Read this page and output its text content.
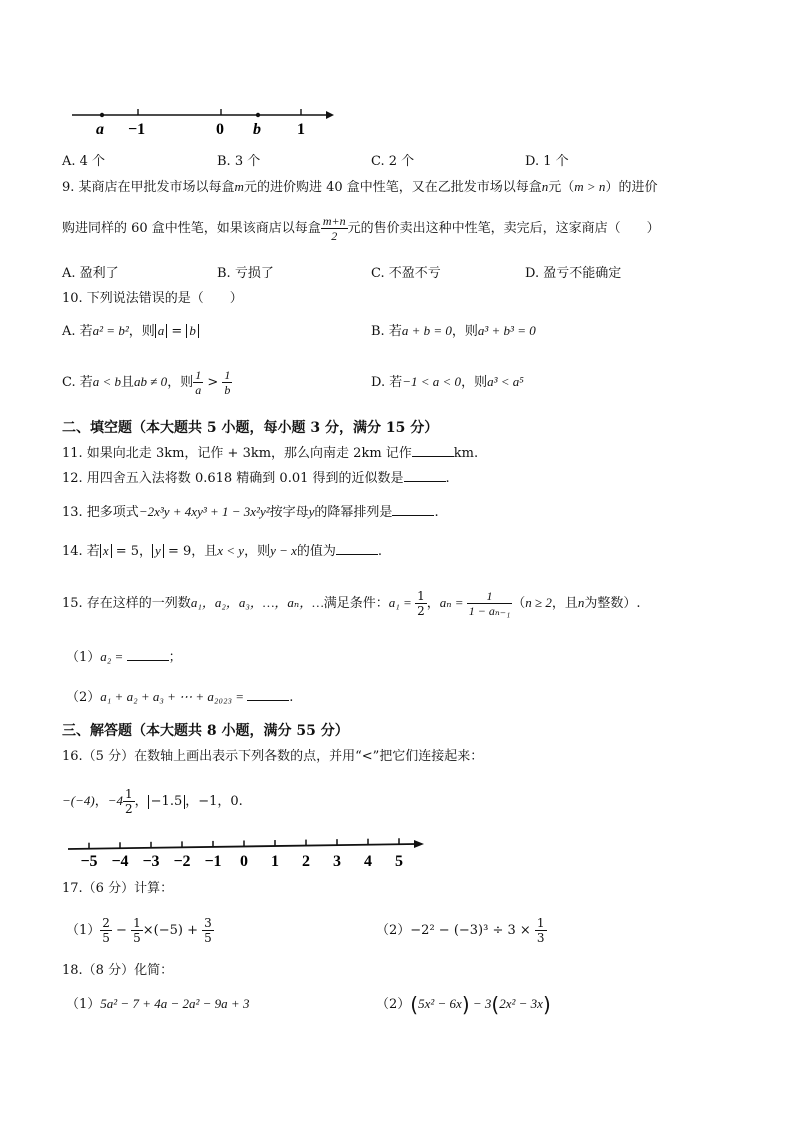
a −1	0 b 1
A. 4 个	B. 3 个	C. 2 个	D. 1 个
9. 某商店在甲批发市场以每盒m元的进价购进 40 盒中性笔，又在乙批发市场以每盒n元（m > n）的进价
购进同样的 60 盒中性笔，如果该商店以每盒 $\frac{m+n}{2}$ 元的售价卖出这种中性笔，卖完后，这家商店（　　）
A. 盈利了	B. 亏损了	C. 不盈不亏	D. 盈亏不能确定
10. 下列说法错误的是（　　）
A. 若a² = b²，则 a = b	B. 若a + b = 0，则a³ + b³ = 0
C. 若a < b且ab ≠ 0，则 $\frac{1}{a} > \frac{1}{b}$	D. 若−1 < a < 0，则a³ < a⁵
二、填空题（本大题共 5 小题，每小题 3 分，满分 15 分）
11. 如果向北走 3km，记作 + 3km，那么向南走 2km 记作	km.
12. 用四舍五入法将数 0.618 精确到 0.01 得到的近似数是	.
13. 把多项式−2x³y + 4xy³ + 1 − 3x²y²按字母y的降幂排列是	.
14. 若 x = 5， y = 9，且x < y，则y − x的值为	.
15. 存在这样的一列数a₁，a₂，a₃，…，aₙ，…满足条件：$a_1 = \frac{1}{2}$ ，$a_n = \frac{1}{\text{1 − aₙ₋₁}} (n \ge 2$，且n为整数）.
（1）a₂ =	；
（2）a₁ + a₂ + a₃ + ⋯ + a₂₀₂₃ =	.
三、解答题（本大题共 8 小题，满分 55 分）
16.（5 分）在数轴上画出表示下列各数的点，并用“<”把它们连接起来：
−(−4)，$-4 \frac{1}{2}$ ， −1.5 ，−1，0.
−5 −4 −3 −2 −1 0 1 2 3 4 5
17.（6 分）计算：
$(1) \frac{2}{5} - \frac{1}{5} \times(-5) + \frac{3}{5}$	$(2)-2^2 - (-3)^3 \div 3 \times \frac{1}{3}$
18.（8 分）化简：
（1）5a² − 7 + 4a − 2a² − 9a + 3	（2）(5x² − 6x) − 3(2x² − 3x)
